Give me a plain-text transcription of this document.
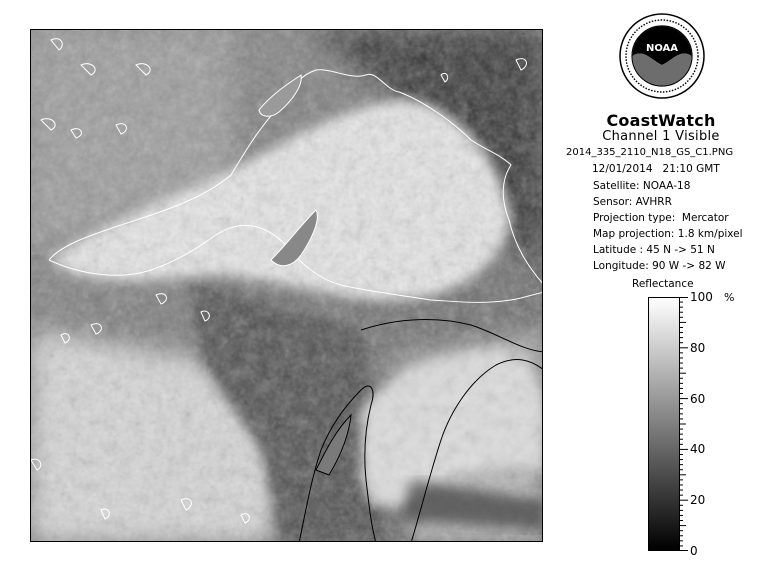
NOAA
CoastWatch
Channel 1 Visible
2014_335_2110_N18_GS_C1.PNG
12/01/2014   21:10 GMT
Satellite: NOAA-18
Sensor: AVHRR
Projection type:  Mercator
Map projection: 1.8 km/pixel
Latitude : 45 N -> 51 N
Longitude: 90 W -> 82 W
Reflectance
%
100
80
60
40
20
0
